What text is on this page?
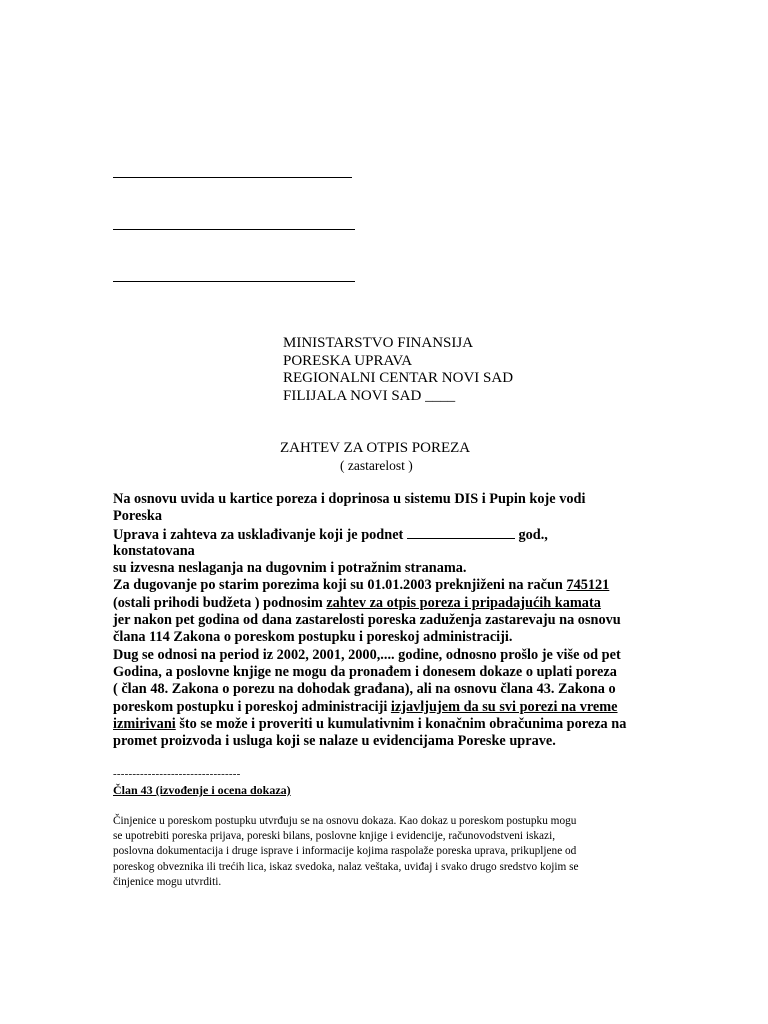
MINISTARSTVO FINANSIJA
PORESKA UPRAVA
REGIONALNI CENTAR NOVI SAD
FILIJALA NOVI SAD ____
ZAHTEV ZA OTPIS POREZA
( zastarelost )
Na osnovu uvida u kartice poreza i doprinosa u sistemu DIS i Pupin koje vodi
Poreska
Uprava i zahteva za usklađivanje koji je podnet	god.,
konstatovana
su izvesna neslaganja na dugovnim i potražnim stranama.
Za dugovanje po starim porezima koji su 01.01.2003 preknjiženi na račun 745121
(ostali prihodi budžeta ) podnosim zahtev za otpis poreza i pripadajućih kamata
jer nakon pet godina od dana zastarelosti poreska zaduženja zastarevaju na osnovu
člana 114 Zakona o poreskom postupku i poreskoj administraciji.
Dug se odnosi na period iz 2002, 2001, 2000,.... godine, odnosno prošlo je više od pet
Godina, a poslovne knjige ne mogu da pronađem i donesem dokaze o uplati poreza
( član 48. Zakona o porezu na dohodak građana), ali na osnovu člana 43. Zakona o
poreskom postupku i poreskoj administraciji izjavljujem da su svi porezi na vreme
izmirivani što se može i proveriti u kumulativnim i konačnim obračunima poreza na
promet proizvoda i usluga koji se nalaze u evidencijama Poreske uprave.
---------------------------------
Član 43 (izvođenje i ocena dokaza)
Činjenice u poreskom postupku utvrđuju se na osnovu dokaza. Kao dokaz u poreskom postupku mogu
se upotrebiti poreska prijava, poreski bilans, poslovne knjige i evidencije, računovodstveni iskazi,
poslovna dokumentacija i druge isprave i informacije kojima raspolaže poreska uprava, prikupljene od
poreskog obveznika ili trećih lica, iskaz svedoka, nalaz veštaka, uviđaj i svako drugo sredstvo kojim se
činjenice mogu utvrditi.
